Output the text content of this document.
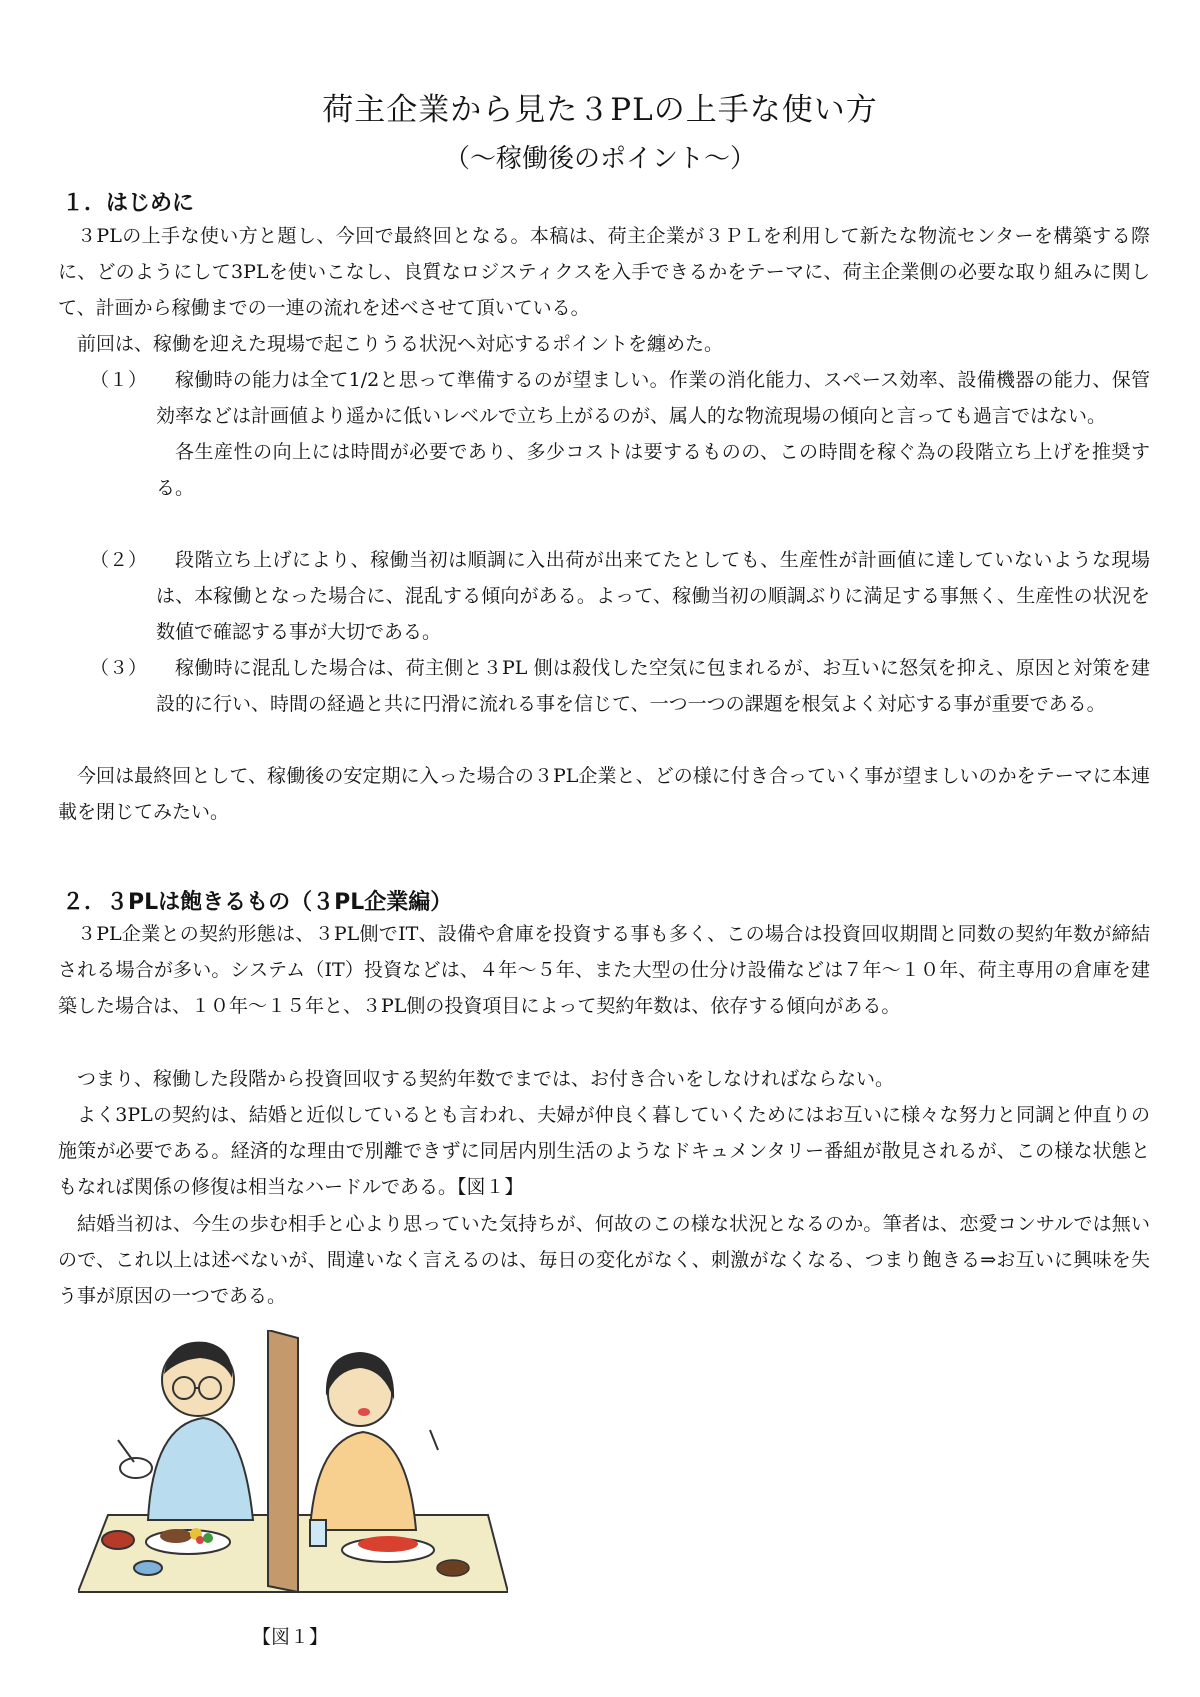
荷主企業から見た３PLの上手な使い方
（〜稼働後のポイント〜）
１．はじめに

３PLの上手な使い方と題し、今回で最終回となる。本稿は、荷主企業が３ＰＬを利用して新たな物流センターを構築する際に、どのようにして3PLを使いこなし、良質なロジスティクスを入手できるかをテーマに、荷主企業側の必要な取り組みに関して、計画から稼働までの一連の流れを述べさせて頂いている。

前回は、稼働を迎えた現場で起こりうる状況へ対応するポイントを纏めた。

（１）	稼働時の能力は全て1/2と思って準備するのが望ましい。作業の消化能力、スペース効率、設備機器の能力、保管効率などは計画値より遥かに低いレベルで立ち上がるのが、属人的な物流現場の傾向と言っても過言ではない。

各生産性の向上には時間が必要であり、多少コストは要するものの、この時間を稼ぐ為の段階立ち上げを推奨する。

（２）	段階立ち上げにより、稼働当初は順調に入出荷が出来てたとしても、生産性が計画値に達していないような現場は、本稼働となった場合に、混乱する傾向がある。よって、稼働当初の順調ぶりに満足する事無く、生産性の状況を数値で確認する事が大切である。

（３）	稼働時に混乱した場合は、荷主側と３PL 側は殺伐した空気に包まれるが、お互いに怒気を抑え、原因と対策を建設的に行い、時間の経過と共に円滑に流れる事を信じて、一つ一つの課題を根気よく対応する事が重要である。

今回は最終回として、稼働後の安定期に入った場合の３PL企業と、どの様に付き合っていく事が望ましいのかをテーマに本連載を閉じてみたい。

２．３PLは飽きるもの（３PL企業編）

３PL企業との契約形態は、３PL側でIT、設備や倉庫を投資する事も多く、この場合は投資回収期間と同数の契約年数が締結される場合が多い。システム（IT）投資などは、４年〜５年、また大型の仕分け設備などは７年〜１０年、荷主専用の倉庫を建築した場合は、１０年〜１５年と、３PL側の投資項目によって契約年数は、依存する傾向がある。

つまり、稼働した段階から投資回収する契約年数でまでは、お付き合いをしなければならない。

よく3PLの契約は、結婚と近似しているとも言われ、夫婦が仲良く暮していくためにはお互いに様々な努力と同調と仲直りの施策が必要である。経済的な理由で別離できずに同居内別生活のようなドキュメンタリー番組が散見されるが、この様な状態ともなれば関係の修復は相当なハードルである。【図１】

結婚当初は、今生の歩む相手と心より思っていた気持ちが、何故のこの様な状況となるのか。筆者は、恋愛コンサルでは無いので、これ以上は述べないが、間違いなく言えるのは、毎日の変化がなく、刺激がなくなる、つまり飽きる⇒お互いに興味を失う事が原因の一つである。

【図１】
